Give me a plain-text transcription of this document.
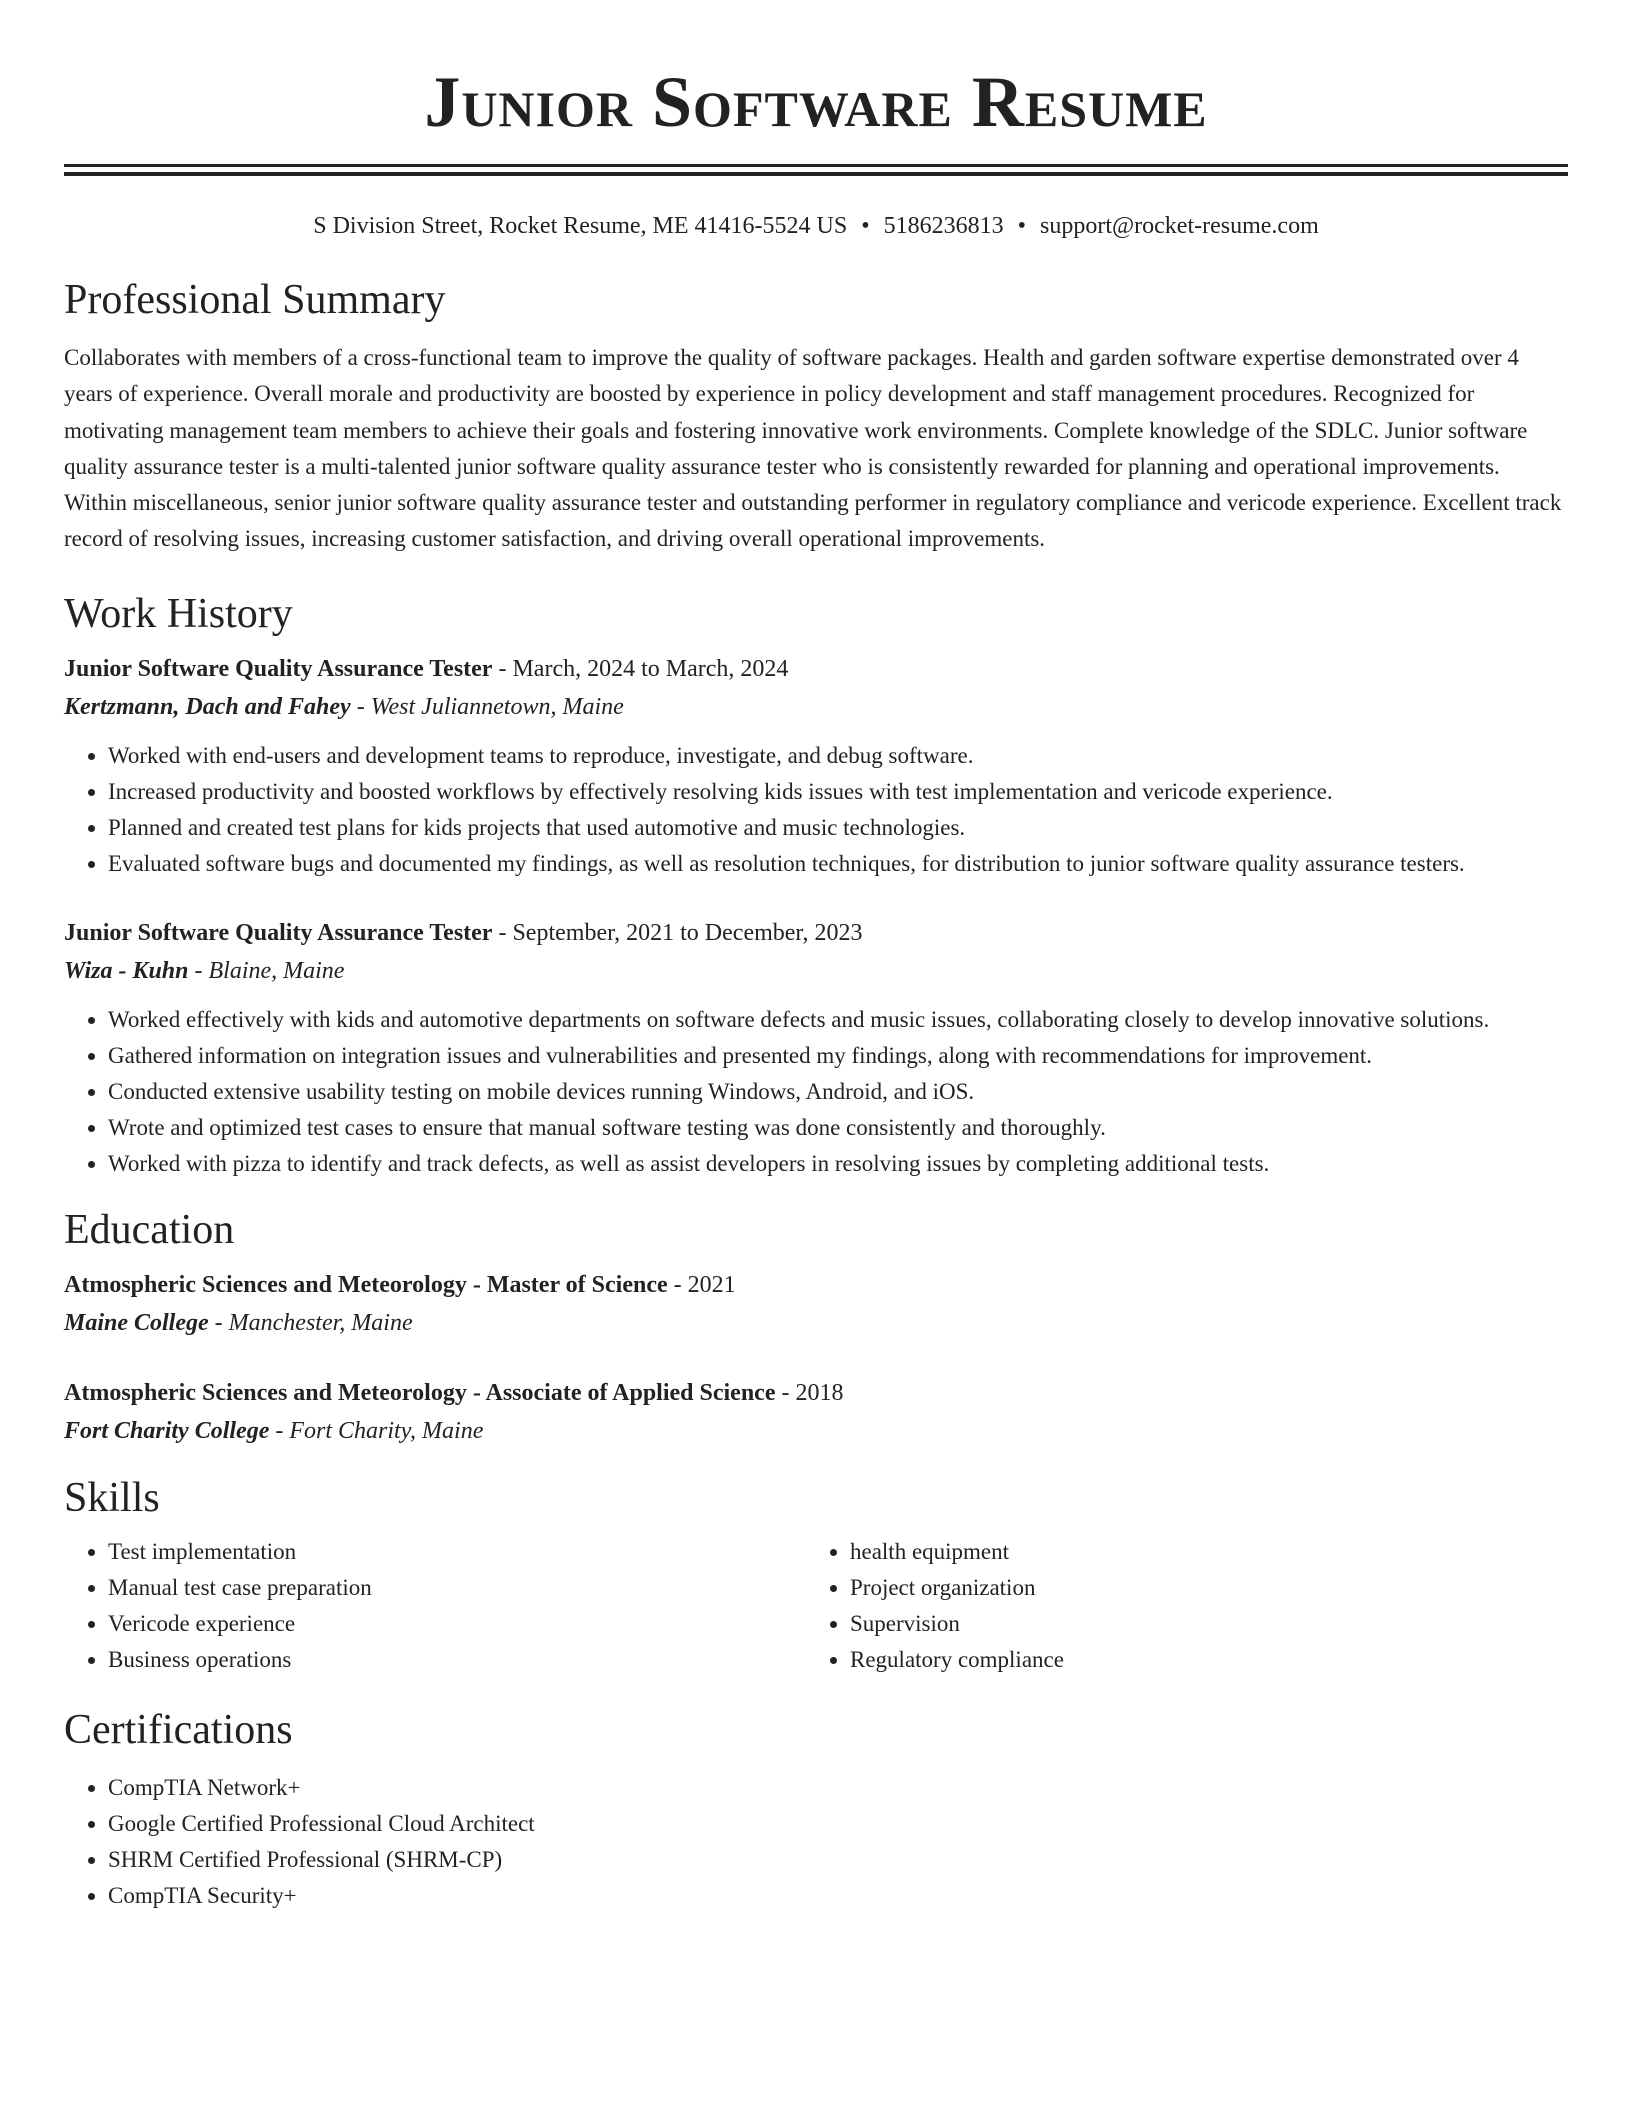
Junior Software Resume
S Division Street, Rocket Resume, ME 41416-5524 US • 5186236813 • support@rocket-resume.com
Professional Summary

Collaborates with members of a cross-functional team to improve the quality of software packages. Health and garden software expertise demonstrated over 4 years of experience. Overall morale and productivity are boosted by experience in policy development and staff management procedures. Recognized for motivating management team members to achieve their goals and fostering innovative work environments. Complete knowledge of the SDLC. Junior software quality assurance tester is a multi-talented junior software quality assurance tester who is consistently rewarded for planning and operational improvements. Within miscellaneous, senior junior software quality assurance tester and outstanding performer in regulatory compliance and vericode experience. Excellent track record of resolving issues, increasing customer satisfaction, and driving overall operational improvements.

Work History
Junior Software Quality Assurance Tester - March, 2024 to March, 2024
Kertzmann, Dach and Fahey - West Juliannetown, Maine
• Worked with end-users and development teams to reproduce, investigate, and debug software.
• Increased productivity and boosted workflows by effectively resolving kids issues with test implementation and vericode experience.
• Planned and created test plans for kids projects that used automotive and music technologies.
• Evaluated software bugs and documented my findings, as well as resolution techniques, for distribution to junior software quality assurance testers.
Junior Software Quality Assurance Tester - September, 2021 to December, 2023
Wiza - Kuhn - Blaine, Maine
• Worked effectively with kids and automotive departments on software defects and music issues, collaborating closely to develop innovative solutions.
• Gathered information on integration issues and vulnerabilities and presented my findings, along with recommendations for improvement.
• Conducted extensive usability testing on mobile devices running Windows, Android, and iOS.
• Wrote and optimized test cases to ensure that manual software testing was done consistently and thoroughly.
• Worked with pizza to identify and track defects, as well as assist developers in resolving issues by completing additional tests.
Education
Atmospheric Sciences and Meteorology - Master of Science - 2021
Maine College - Manchester, Maine
Atmospheric Sciences and Meteorology - Associate of Applied Science - 2018
Fort Charity College - Fort Charity, Maine
Skills
• Test implementation
• Manual test case preparation
• Vericode experience
• Business operations
• health equipment
• Project organization
• Supervision
• Regulatory compliance
Certifications
• CompTIA Network+
• Google Certified Professional Cloud Architect
• SHRM Certified Professional (SHRM-CP)
• CompTIA Security+
